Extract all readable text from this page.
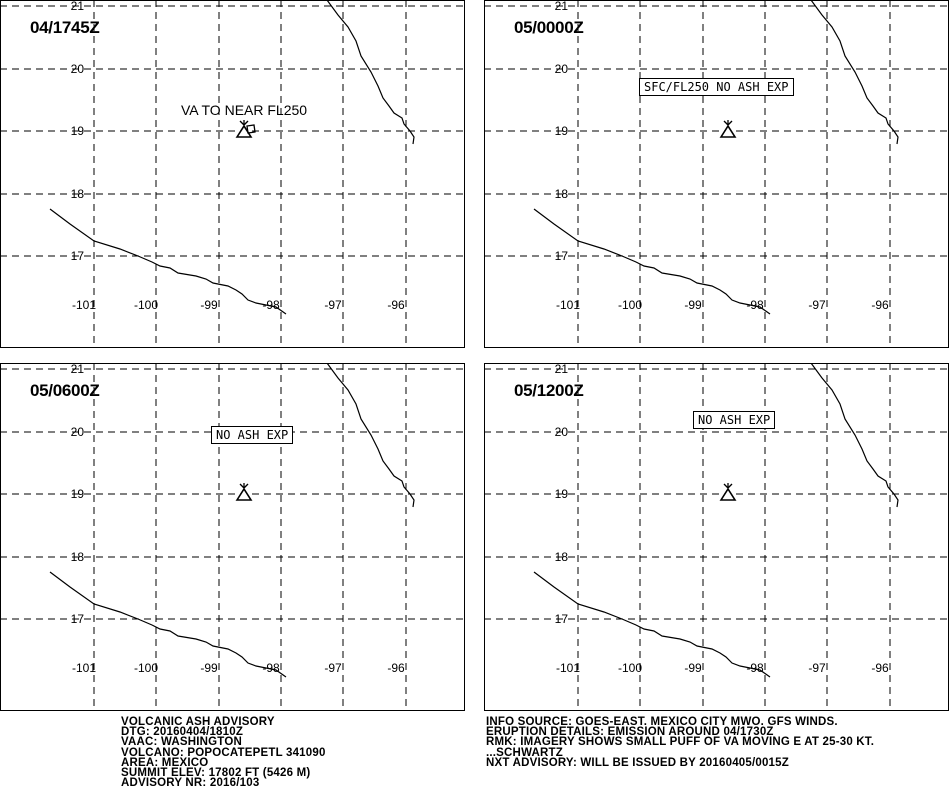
04/1745Z
VA TO NEAR FL250
21
20
19
18
17
-101	-100	-99	-98	-97	-96
05/0000Z
SFC/FL250 NO ASH EXP
21
20
19
18
17
-101	-100	-99	-98	-97	-96
05/0600Z
NO ASH EXP
21
20
19
18
17
-101	-100	-99	-98	-97	-96
05/1200Z
NO ASH EXP
21
20
19
18
17
-101	-100	-99	-98	-97	-96
VOLCANIC ASH ADVISORY
DTG: 20160404/1810Z
VAAC: WASHINGTON
VOLCANO: POPOCATEPETL 341090
AREA: MEXICO
SUMMIT ELEV: 17802 FT (5426 M)
ADVISORY NR: 2016/103
INFO SOURCE: GOES-EAST. MEXICO CITY MWO. GFS WINDS.
ERUPTION DETAILS: EMISSION AROUND 04/1730Z
RMK: IMAGERY SHOWS SMALL PUFF OF VA MOVING E AT 25-30 KT.
...SCHWARTZ
NXT ADVISORY: WILL BE ISSUED BY 20160405/0015Z
